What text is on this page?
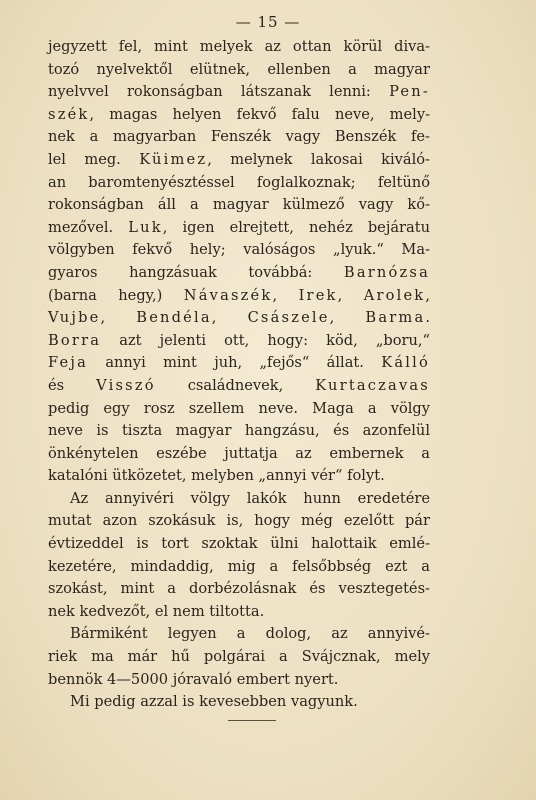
— 15 —
jegyzett fel, mint melyek az ottan körül diva-
tozó nyelvektől elütnek, ellenben a magyar
nyelvvel rokonságban látszanak lenni: Pen-
szék, magas helyen fekvő falu neve, mely-
nek a magyarban Fenszék vagy Benszék fe-
lel meg. Küimez, melynek lakosai kiváló-
an baromtenyésztéssel foglalkoznak; feltünő
rokonságban áll a magyar külmező vagy kő-
mezővel. Luk, igen elrejtett, nehéz bejáratu
völgyben fekvő hely; valóságos „lyuk.“ Ma-
gyaros hangzásuak továbbá: Barnózsa
(barna hegy,) Návaszék, Irek, Arolek,
Vujbe, Bendéla, Császele, Barma.
Borra azt jelenti ott, hogy: köd, „boru,“
Feja annyi mint juh, „fejős“ állat. Kálló
és Visszó családnevek, Kurtaczavas
pedig egy rosz szellem neve. Maga a völgy
neve is tiszta magyar hangzásu, és azonfelül
önkénytelen eszébe juttatja az embernek a
katalóni ütközetet, melyben „annyi vér“ folyt.
Az annyivéri völgy lakók hunn eredetére
mutat azon szokásuk is, hogy még ezelőtt pár
évtizeddel is tort szoktak ülni halottaik emlé-
kezetére, mindaddig, mig a felsőbbség ezt a
szokást, mint a dorbézolásnak és vesztegetés-
nek kedvezőt, el nem tiltotta.
Bármiként legyen a dolog, az annyivé-
riek ma már hű polgárai a Svájcznak, mely
bennök 4—5000 jóravaló embert nyert.
Mi pedig azzal is kevesebben vagyunk.
